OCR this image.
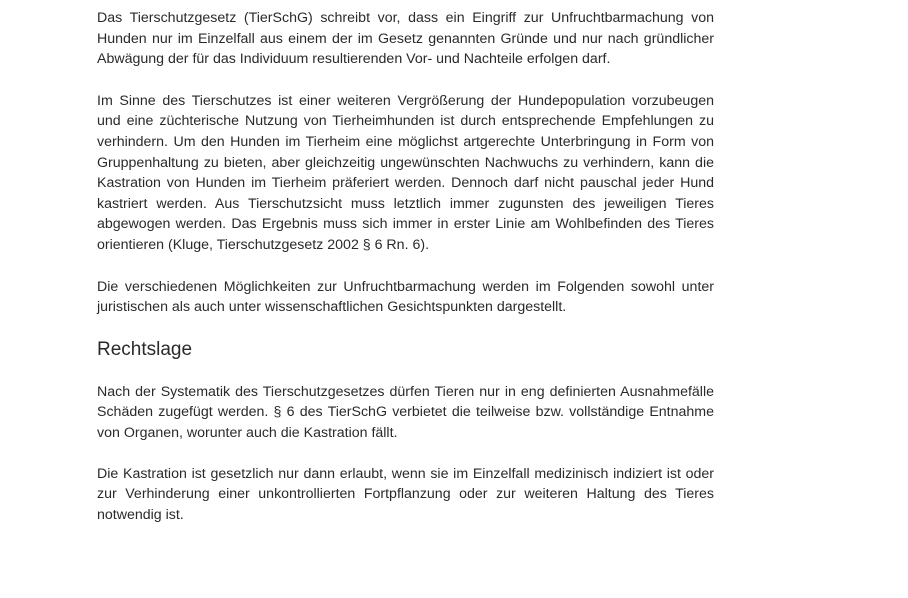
Das Tierschutzgesetz (TierSchG) schreibt vor, dass ein Eingriff zur Unfruchtbarmachung von Hunden nur im Einzelfall aus einem der im Gesetz genannten Gründe und nur nach gründlicher Abwägung der für das Individuum resultierenden Vor- und Nachteile erfolgen darf.

Im Sinne des Tierschutzes ist einer weiteren Vergrößerung der Hundepopulation vorzubeugen und eine züchterische Nutzung von Tierheimhunden ist durch entsprechende Empfehlungen zu verhindern. Um den Hunden im Tierheim eine möglichst artgerechte Unterbringung in Form von Gruppenhaltung zu bieten, aber gleichzeitig ungewünschten Nachwuchs zu verhindern, kann die Kastration von Hunden im Tierheim präferiert werden. Dennoch darf nicht pauschal jeder Hund kastriert werden. Aus Tierschutzsicht muss letztlich immer zugunsten des jeweiligen Tieres abgewogen werden. Das Ergebnis muss sich immer in erster Linie am Wohlbefinden des Tieres orientieren (Kluge, Tierschutzgesetz 2002 § 6 Rn. 6).

Die verschiedenen Möglichkeiten zur Unfruchtbarmachung werden im Folgenden sowohl unter juristischen als auch unter wissenschaftlichen Gesichtspunkten dargestellt.

Rechtslage

Nach der Systematik des Tierschutzgesetzes dürfen Tieren nur in eng definierten Ausnahmefälle Schäden zugefügt werden. § 6 des TierSchG verbietet die teilweise bzw. vollständige Entnahme von Organen, worunter auch die Kastration fällt.

Die Kastration ist gesetzlich nur dann erlaubt, wenn sie im Einzelfall medizinisch indiziert ist oder zur Verhinderung einer unkontrollierten Fortpflanzung oder zur weiteren Haltung des Tieres notwendig ist.
